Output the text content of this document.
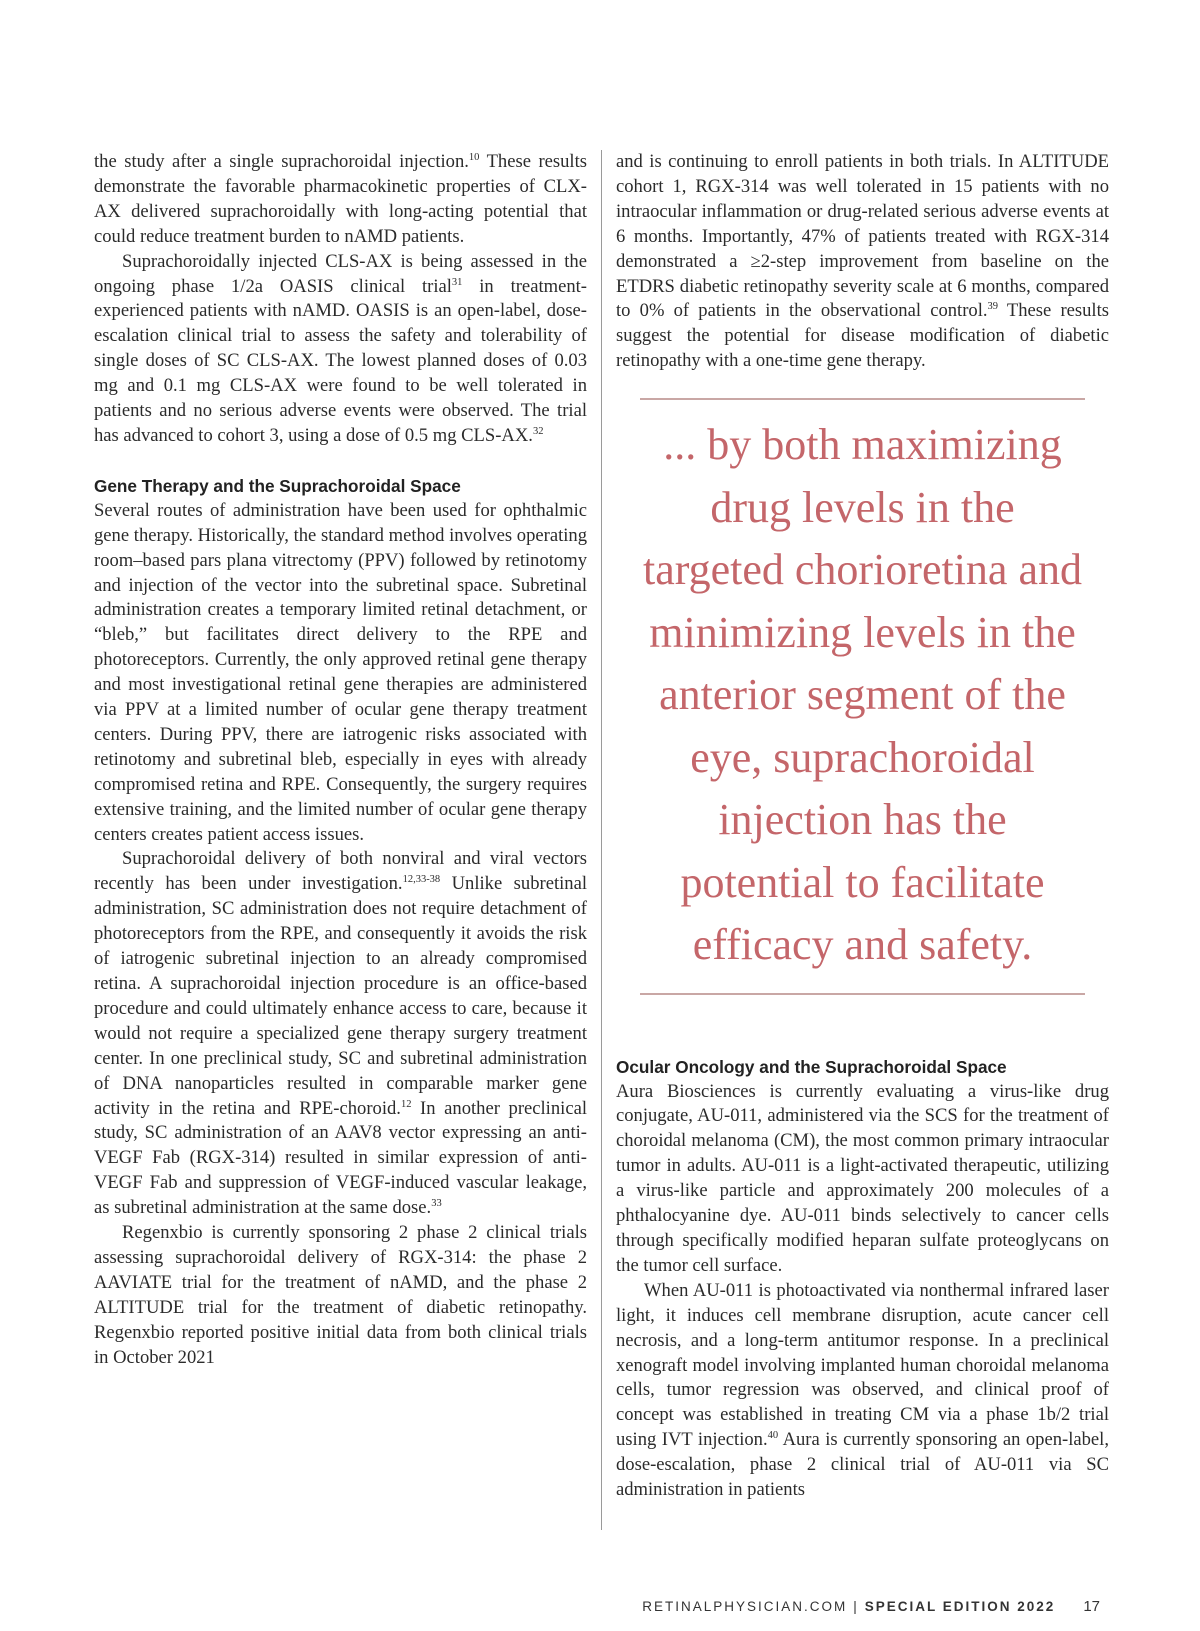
the study after a single suprachoroidal injection.$^{10}$ These results demonstrate the favorable pharmacokinetic properties of CLX-AX delivered suprachoroidally with long-acting potential that could reduce treatment burden to nAMD patients.

Suprachoroidally injected CLS-AX is being assessed in the ongoing phase 1/2a OASIS clinical trial$^{31}$ in treatment-experienced patients with nAMD. OASIS is an open-label, dose-escalation clinical trial to assess the safety and tolerability of single doses of SC CLS-AX. The lowest planned doses of 0.03 mg and 0.1 mg CLS-AX were found to be well tolerated in patients and no serious adverse events were observed. The trial has advanced to cohort 3, using a dose of 0.5 mg CLS-AX.$^{32}$

Gene Therapy and the Suprachoroidal Space

Several routes of administration have been used for ophthalmic gene therapy. Historically, the standard method involves operating room–based pars plana vitrectomy (PPV) followed by retinotomy and injection of the vector into the subretinal space. Subretinal administration creates a temporary limited retinal detachment, or “bleb,” but facilitates direct delivery to the RPE and photoreceptors. Currently, the only approved retinal gene therapy and most investigational retinal gene therapies are administered via PPV at a limited number of ocular gene therapy treatment centers. During PPV, there are iatrogenic risks associated with retinotomy and subretinal bleb, especially in eyes with already compromised retina and RPE. Consequently, the surgery requires extensive training, and the limited number of ocular gene therapy centers creates patient access issues.

Suprachoroidal delivery of both nonviral and viral vectors recently has been under investigation.$^{12,33-38}$ Unlike subretinal administration, SC administration does not require detachment of photoreceptors from the RPE, and consequently it avoids the risk of iatrogenic subretinal injection to an already compromised retina. A suprachoroidal injection procedure is an office-based procedure and could ultimately enhance access to care, because it would not require a specialized gene therapy surgery treatment center. In one preclinical study, SC and subretinal administration of DNA nanoparticles resulted in comparable marker gene activity in the retina and RPE-choroid.$^{12}$ In another preclinical study, SC administration of an AAV8 vector expressing an anti-VEGF Fab (RGX-314) resulted in similar expression of anti-VEGF Fab and suppression of VEGF-induced vascular leakage, as subretinal administration at the same dose.$^{33}$

Regenxbio is currently sponsoring 2 phase 2 clinical trials assessing suprachoroidal delivery of RGX-314: the phase 2 AAVIATE trial for the treatment of nAMD, and the phase 2 ALTITUDE trial for the treatment of diabetic retinopathy. Regenxbio reported positive initial data from both clinical trials in October 2021

and is continuing to enroll patients in both trials. In ALTITUDE cohort 1, RGX-314 was well tolerated in 15 patients with no intraocular inflammation or drug-related serious adverse events at 6 months. Importantly, 47% of patients treated with RGX-314 demonstrated a ≥2-step improvement from baseline on the ETDRS diabetic retinopathy severity scale at 6 months, compared to 0% of patients in the observational control.$^{39}$ These results suggest the potential for disease modification of diabetic retinopathy with a one-time gene therapy.

... by both maximizing drug levels in the targeted chorioretina and minimizing levels in the anterior segment of the eye, suprachoroidal injection has the potential to facilitate efficacy and safety.

Ocular Oncology and the Suprachoroidal Space

Aura Biosciences is currently evaluating a virus-like drug conjugate, AU-011, administered via the SCS for the treatment of choroidal melanoma (CM), the most common primary intraocular tumor in adults. AU-011 is a light-activated therapeutic, utilizing a virus-like particle and approximately 200 molecules of a phthalocyanine dye. AU-011 binds selectively to cancer cells through specifically modified heparan sulfate proteoglycans on the tumor cell surface.

When AU-011 is photoactivated via nonthermal infrared laser light, it induces cell membrane disruption, acute cancer cell necrosis, and a long-term antitumor response. In a preclinical xenograft model involving implanted human choroidal melanoma cells, tumor regression was observed, and clinical proof of concept was established in treating CM via a phase 1b/2 trial using IVT injection.$^{40}$ Aura is currently sponsoring an open-label, dose-escalation, phase 2 clinical trial of AU-011 via SC administration in patients

RETINALPHYSICIAN.COM | SPECIAL EDITION 2022 17
